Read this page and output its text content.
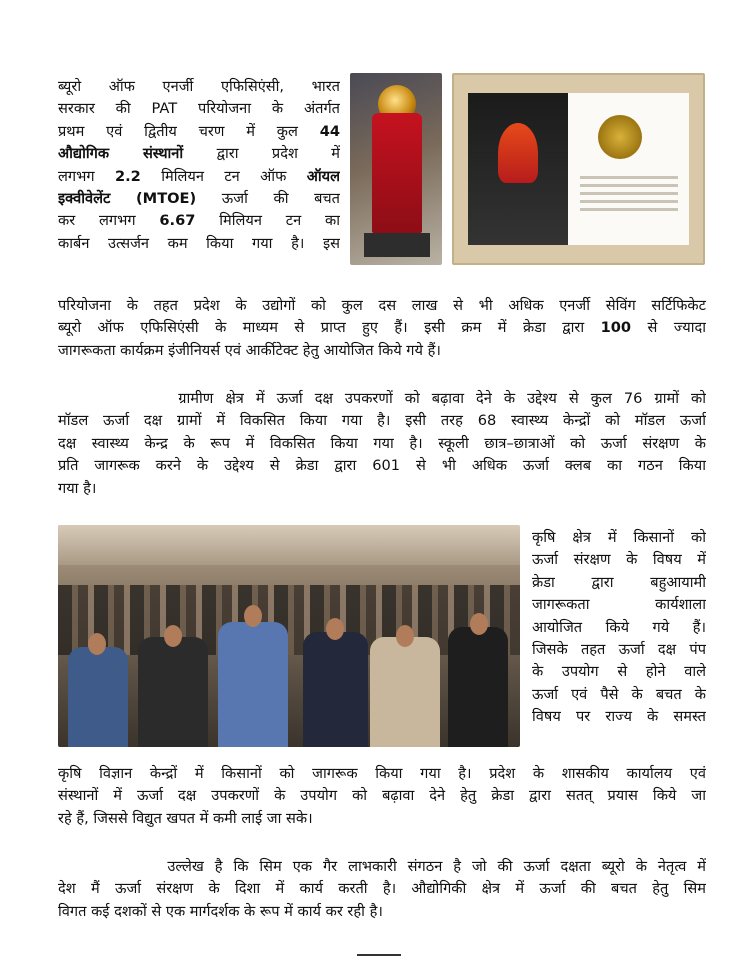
ब्यूरो ऑफ एनर्जी एफिसिएंसी, भारत
सरकार की PAT परियोजना के अंतर्गत
प्रथम एवं द्वितीय चरण में कुल 44
औद्योगिक संस्थानों द्वारा प्रदेश में
लगभग 2.2 मिलियन टन ऑफ ऑयल
इक्वीवेलेंट (MTOE) ऊर्जा की बचत
कर लगभग 6.67 मिलियन टन का
कार्बन उत्सर्जन कम किया गया है। इस
परियोजना के तहत प्रदेश के उद्योगों को कुल दस लाख से भी अधिक एनर्जी सेविंग सर्टिफिकेट
ब्यूरो ऑफ एफिसिएंसी के माध्यम से प्राप्त हुए हैं। इसी क्रम में क्रेडा द्वारा 100 से ज्यादा
जागरूकता कार्यक्रम इंजीनियर्स एवं आर्कीटेक्ट हेतु आयोजित किये गये हैं।
ग्रामीण क्षेत्र में ऊर्जा दक्ष उपकरणों को बढ़ावा देने के उद्देश्य से कुल 76 ग्रामों को
मॉडल ऊर्जा दक्ष ग्रामों में विकसित किया गया है। इसी तरह 68 स्वास्थ्य केन्द्रों को मॉडल ऊर्जा
दक्ष स्वास्थ्य केन्द्र के रूप में विकसित किया गया है। स्कूली छात्र–छात्राओं को ऊर्जा संरक्षण के
प्रति जागरूक करने के उद्देश्य से क्रेडा द्वारा 601 से भी अधिक ऊर्जा क्लब का गठन किया
गया है।
कृषि क्षेत्र में किसानों को
ऊर्जा संरक्षण के विषय में
क्रेडा द्वारा बहुआयामी
जागरूकता कार्यशाला
आयोजित किये गये हैं।
जिसके तहत ऊर्जा दक्ष पंप
के उपयोग से होने वाले
ऊर्जा एवं पैसे के बचत के
विषय पर राज्य के समस्त
कृषि विज्ञान केन्द्रों में किसानों को जागरूक किया गया है। प्रदेश के शासकीय कार्यालय एवं
संस्थानों में ऊर्जा दक्ष उपकरणों के उपयोग को बढ़ावा देने हेतु क्रेडा द्वारा सतत् प्रयास किये जा
रहे हैं, जिससे विद्युत खपत में कमी लाई जा सके।
उल्लेख है कि सिम एक गैर लाभकारी संगठन है जो की ऊर्जा दक्षता ब्यूरो के नेतृत्व में
देश मैं ऊर्जा संरक्षण के दिशा में कार्य करती है। औद्योगिकी क्षेत्र में ऊर्जा की बचत हेतु सिम
विगत कई दशकों से एक मार्गदर्शक के रूप में कार्य कर रही है।
